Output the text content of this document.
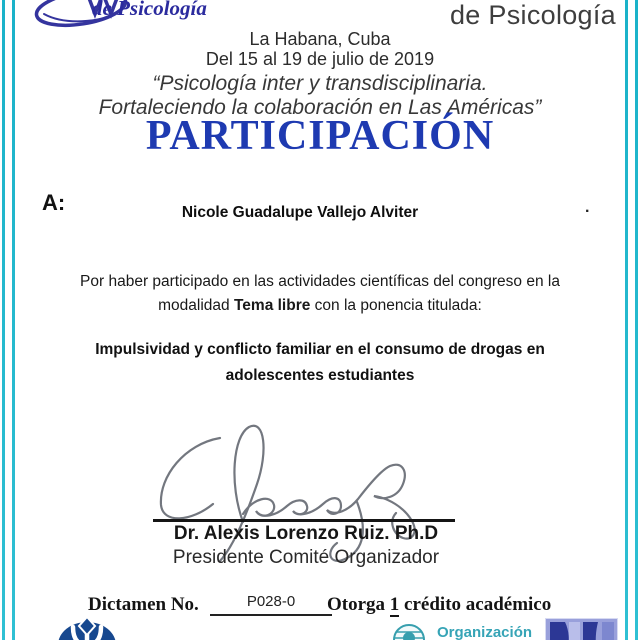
de Psicología	de Psicología
La Habana, Cuba
Del 15 al 19 de julio de 2019
“Psicología inter y transdisciplinaria.
Fortaleciendo la colaboración en Las Américas”
PARTICIPACIÓN
A:	Nicole Guadalupe Vallejo Alviter	.
Por haber participado en las actividades científicas del congreso en la
modalidad Tema libre con la ponencia titulada:
Impulsividad y conflicto familiar en el consumo de drogas en
adolescentes estudiantes
Dr. Alexis Lorenzo Ruiz. Ph.D
Presidente Comité Organizador
Dictamen No.	P028-0	Otorga 1 crédito académico
Organización
